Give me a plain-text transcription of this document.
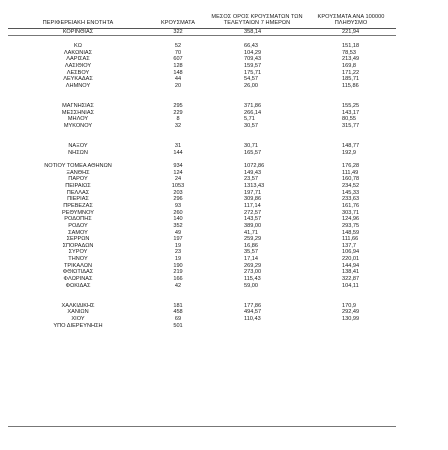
ΠΕΡΙΦΕΡΕΙΑΚΗ ΕΝΟΤΗΤΑ	ΚΡΟΥΣΜΑΤΑ	ΜΕΣΟΣ ΟΡΟΣ ΚΡΟΥΣΜΑΤΩΝ ΤΩΝ ΤΕΛΕΥΤΑΙΩΝ 7 ΗΜΕΡΩΝ	ΚΡΟΥΣΜΑΤΑ ΑΝΑ 100000 ΠΛΗΘΥΣΜΟ
ΚΟΡΙΝΘΙΑΣ	322	358,14	221,94

ΚΩ	52	66,43	151,18
ΛΑΚΩΝΙΑΣ	70	104,29	78,53
ΛΑΡΙΣΑΣ	607	709,43	213,49
ΛΑΣΙΘΙΟΥ	128	159,57	169,8
ΛΕΣΒΟΥ	148	175,71	171,22
ΛΕΥΚΑΔΑΣ	44	54,57	185,71
ΛΗΜΝΟΥ	20	26,00	115,86

ΜΑΓΝΗΣΙΑΣ	295	371,86	155,25
ΜΕΣΣΗΝΙΑΣ	229	266,14	143,17
ΜΗΛΟΥ	8	5,71	80,55
ΜΥΚΟΝΟΥ	32	30,57	315,77

ΝΑΞΟΥ	31	30,71	148,77
ΝΗΣΩΝ	144	165,57	192,9

ΝΟΤΙΟΥ ΤΟΜΕΑ ΑΘΗΝΩΝ	934	1072,86	176,28
ΞΑΝΘΗΣ	124	149,43	111,49
ΠΑΡΟΥ	24	23,57	160,78
ΠΕΙΡΑΙΩΣ	1053	1313,43	234,52
ΠΕΛΛΑΣ	203	197,71	145,33
ΠΙΕΡΙΑΣ	296	309,86	233,63
ΠΡΕΒΕΖΑΣ	93	117,14	161,76
ΡΕΘΥΜΝΟΥ	260	272,57	303,71
ΡΟΔΟΠΗΣ	140	143,57	124,96
ΡΟΔΟΥ	352	389,00	293,75
ΣΑΜΟΥ	49	41,71	148,59
ΣΕΡΡΩΝ	197	259,29	111,66
ΣΠΟΡΑΔΩΝ	19	16,86	137,7
ΣΥΡΟΥ	23	35,57	106,94
ΤΗΝΟΥ	19	17,14	220,01
ΤΡΙΚΑΛΩΝ	190	269,29	144,94
ΦΘΙΩΤΙΔΑΣ	219	273,00	138,41
ΦΛΩΡΙΝΑΣ	166	115,43	322,87
ΦΩΚΙΔΑΣ	42	59,00	104,11

ΧΑΛΚΙΔΙΚΗΣ	181	177,86	170,9
ΧΑΝΙΩΝ	458	494,57	292,49
ΧΙΟΥ	69	110,43	130,99
ΥΠΟ ΔΙΕΡΕΥΝΗΣΗ	501		
